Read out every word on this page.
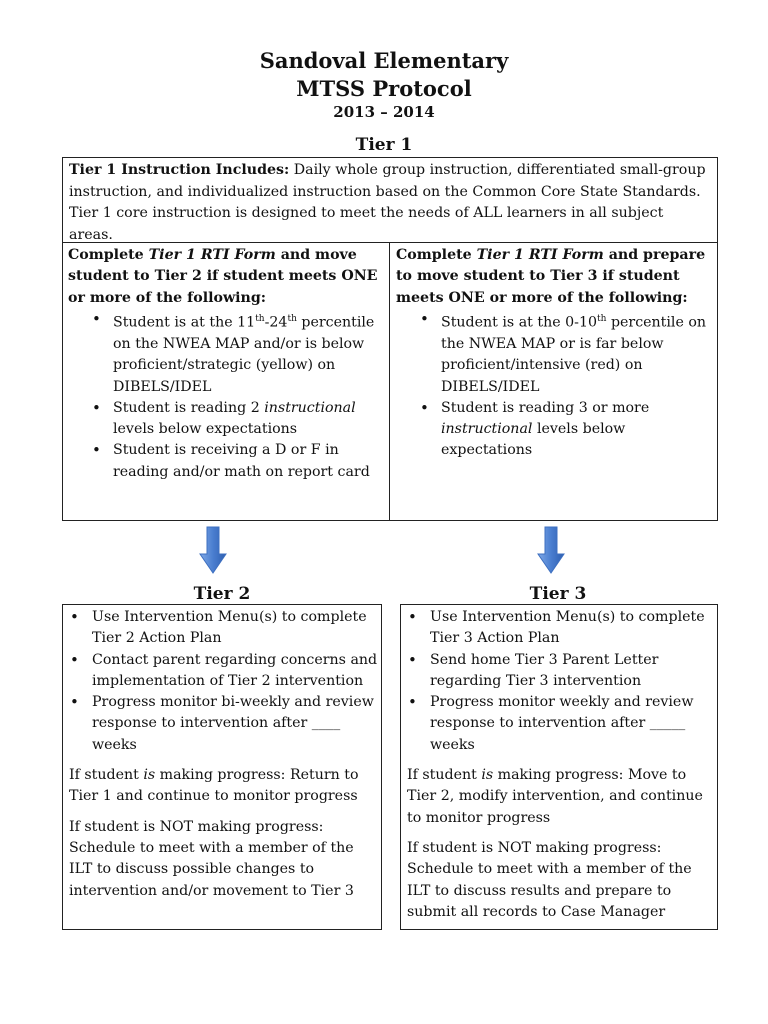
Sandoval Elementary
MTSS Protocol
2013 – 2014
Tier 1
Tier 1 Instruction Includes: Daily whole group instruction, differentiated small-group instruction, and individualized instruction based on the Common Core State Standards. Tier 1 core instruction is designed to meet the needs of ALL learners in all subject areas.
Complete Tier 1 RTI Form and move student to Tier 2 if student meets ONE or more of the following:
• Student is at the 11th-24th percentile on the NWEA MAP and/or is below proficient/strategic (yellow) on DIBELS/IDEL
• Student is reading 2 instructional levels below expectations
• Student is receiving a D or F in reading and/or math on report card
Complete Tier 1 RTI Form and prepare to move student to Tier 3 if student meets ONE or more of the following:
• Student is at the 0-10th percentile on the NWEA MAP or is far below proficient/intensive (red) on DIBELS/IDEL
• Student is reading 3 or more instructional levels below expectations
Tier 2	Tier 3
• Use Intervention Menu(s) to complete Tier 2 Action Plan
• Contact parent regarding concerns and implementation of Tier 2 intervention
• Progress monitor bi-weekly and review response to intervention after ____ weeks
If student is making progress: Return to Tier 1 and continue to monitor progress
If student is NOT making progress: Schedule to meet with a member of the ILT to discuss possible changes to intervention and/or movement to Tier 3
• Use Intervention Menu(s) to complete Tier 3 Action Plan
• Send home Tier 3 Parent Letter regarding Tier 3 intervention
• Progress monitor weekly and review response to intervention after _____ weeks
If student is making progress: Move to Tier 2, modify intervention, and continue to monitor progress
If student is NOT making progress: Schedule to meet with a member of the ILT to discuss results and prepare to submit all records to Case Manager
